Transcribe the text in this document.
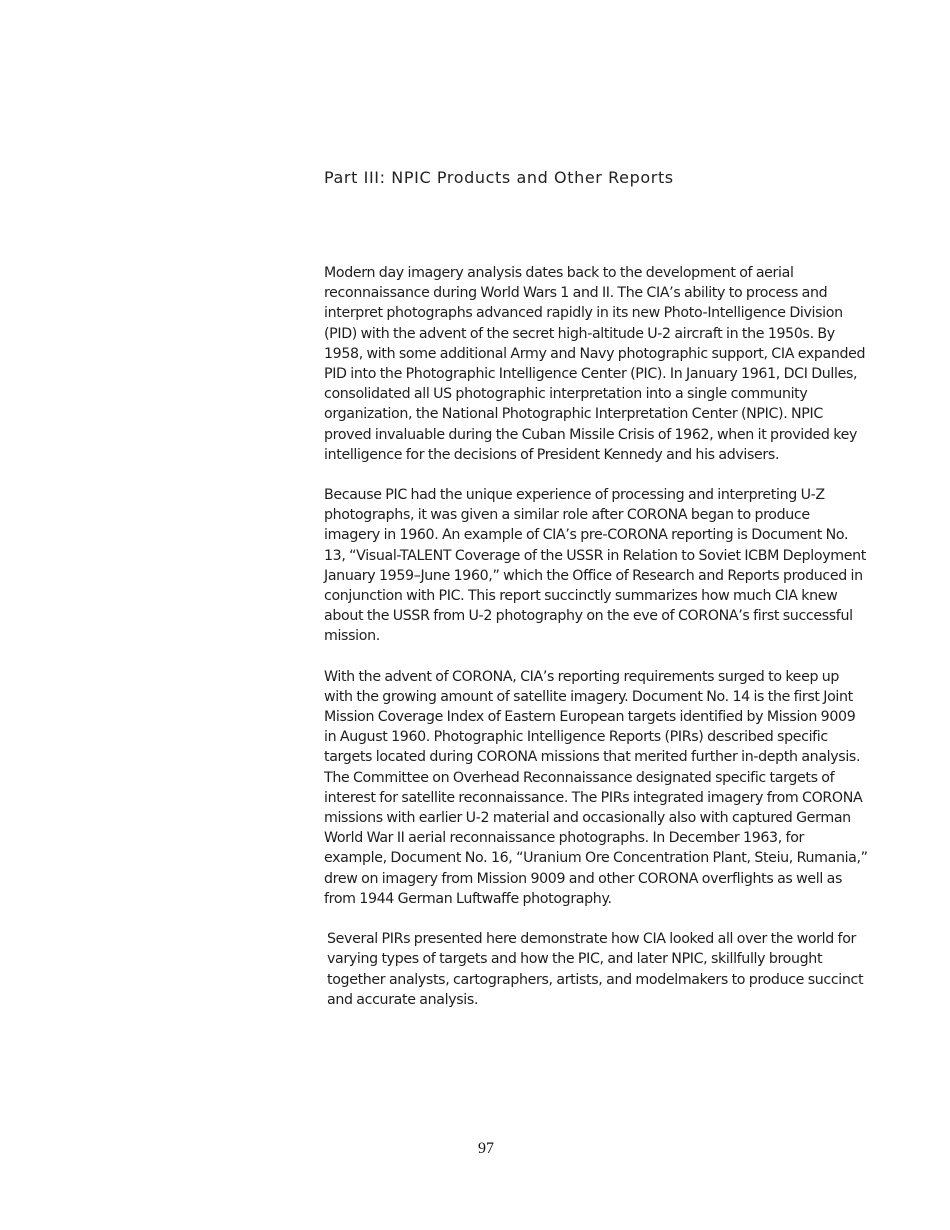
Part III: NPIC Products and Other Reports

Modern day imagery analysis dates back to the development of aerial reconnaissance during World Wars 1 and II. The CIA’s ability to process and interpret photographs advanced rapidly in its new Photo-Intelligence Division (PID) with the advent of the secret high-altitude U-2 aircraft in the 1950s. By 1958, with some additional Army and Navy photographic support, CIA expanded PID into the Photographic Intelligence Center (PIC). In January 1961, DCI Dulles, consolidated all US photographic interpretation into a single community organization, the National Photographic Interpretation Center (NPIC). NPIC proved invaluable during the Cuban Missile Crisis of 1962, when it provided key intelligence for the decisions of President Kennedy and his advisers.

Because PIC had the unique experience of processing and interpreting U-Z photographs, it was given a similar role after CORONA began to produce imagery in 1960. An example of CIA’s pre-CORONA reporting is Document No. 13, “Visual-TALENT Coverage of the USSR in Relation to Soviet ICBM Deployment January 1959–June 1960,” which the Office of Research and Reports produced in conjunction with PIC. This report succinctly summarizes how much CIA knew about the USSR from U-2 photography on the eve of CORONA’s first successful mission.

With the advent of CORONA, CIA’s reporting requirements surged to keep up with the growing amount of satellite imagery. Document No. 14 is the first Joint Mission Coverage Index of Eastern European targets identified by Mission 9009 in August 1960. Photographic Intelligence Reports (PIRs) described specific targets located during CORONA missions that merited further in-depth analysis. The Committee on Overhead Reconnaissance designated specific targets of interest for satellite reconnaissance. The PIRs integrated imagery from CORONA missions with earlier U-2 material and occasionally also with captured German World War II aerial reconnaissance photographs. In December 1963, for example, Document No. 16, “Uranium Ore Concentration Plant, Steiu, Rumania,” drew on imagery from Mission 9009 and other CORONA overflights as well as from 1944 German Luftwaffe photography.

Several PIRs presented here demonstrate how CIA looked all over the world for varying types of targets and how the PIC, and later NPIC, skillfully brought together analysts, cartographers, artists, and modelmakers to produce succinct and accurate analysis.

97
